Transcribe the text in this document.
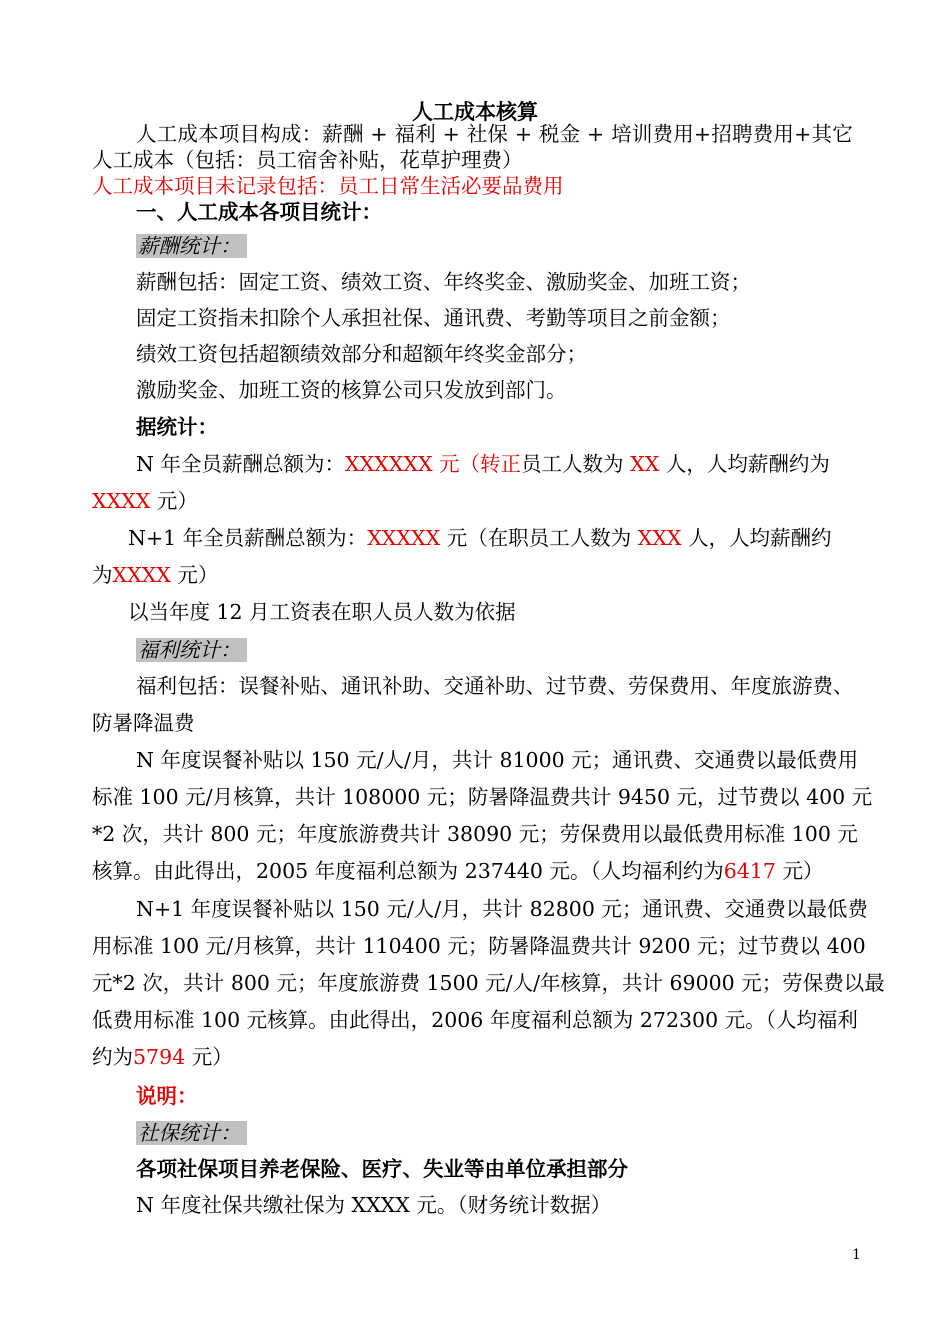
人工成本核算
人工成本项目构成：薪酬 + 福利 + 社保 + 税金 + 培训费用+招聘费用+其它
人工成本（包括：员工宿舍补贴，花草护理费）
人工成本项目未记录包括：员工日常生活必要品费用
一、人工成本各项目统计：
薪酬统计：
薪酬包括：固定工资、绩效工资、年终奖金、激励奖金、加班工资；
固定工资指未扣除个人承担社保、通讯费、考勤等项目之前金额；
绩效工资包括超额绩效部分和超额年终奖金部分；
激励奖金、加班工资的核算公司只发放到部门。
据统计：
N 年全员薪酬总额为：XXXXXX 元（转正员工人数为 XX 人，人均薪酬约为
XXXX 元）
N+1 年全员薪酬总额为：XXXXX 元（在职员工人数为 XXX 人，人均薪酬约
为XXXX 元）
以当年度 12 月工资表在职人员人数为依据
福利统计：
福利包括：误餐补贴、通讯补助、交通补助、过节费、劳保费用、年度旅游费、
防暑降温费
N 年度误餐补贴以 150 元/人/月，共计 81000 元；通讯费、交通费以最低费用
标准 100 元/月核算，共计 108000 元；防暑降温费共计 9450 元，过节费以 400 元
*2 次，共计 800 元；年度旅游费共计 38090 元；劳保费用以最低费用标准 100 元
核算。由此得出，2005 年度福利总额为 237440 元。（人均福利约为6417 元）
N+1 年度误餐补贴以 150 元/人/月，共计 82800 元；通讯费、交通费以最低费
用标准 100 元/月核算，共计 110400 元；防暑降温费共计 9200 元；过节费以 400
元*2 次，共计 800 元；年度旅游费 1500 元/人/年核算，共计 69000 元；劳保费以最
低费用标准 100 元核算。由此得出，2006 年度福利总额为 272300 元。（人均福利
约为5794 元）
说明：
社保统计：
各项社保项目养老保险、医疗、失业等由单位承担部分
N 年度社保共缴社保为 XXXX 元。（财务统计数据）
1
